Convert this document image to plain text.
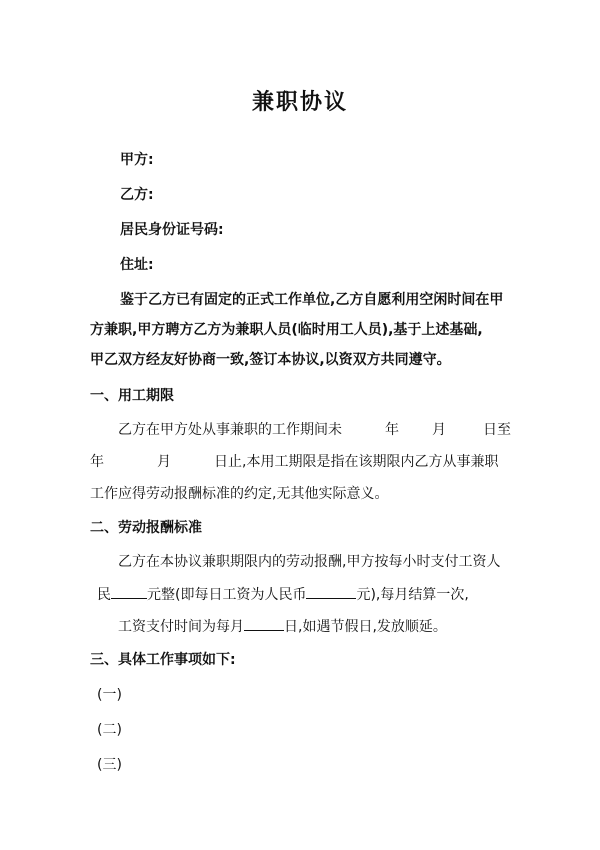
兼职协议
甲方:
乙方:
居民身份证号码:
住址:
鉴于乙方已有固定的正式工作单位,乙方自愿利用空闲时间在甲
方兼职,甲方聘方乙方为兼职人员(临时用工人员),基于上述基础,
甲乙双方经友好协商一致,签订本协议,以资双方共同遵守。
一、用工期限
乙方在甲方处从事兼职的工作期间未	年 月	日至
年	月	日止,本用工期限是指在该期限内乙方从事兼职
工作应得劳动报酬标准的约定,无其他实际意义。
二、劳动报酬标准
乙方在本协议兼职期限内的劳动报酬,甲方按每小时支付工资人
民	元整(即每日工资为人民币	元),每月结算一次,
工资支付时间为每月	日,如遇节假日,发放顺延。
三、具体工作事项如下:
(一)
(二)
(三)
